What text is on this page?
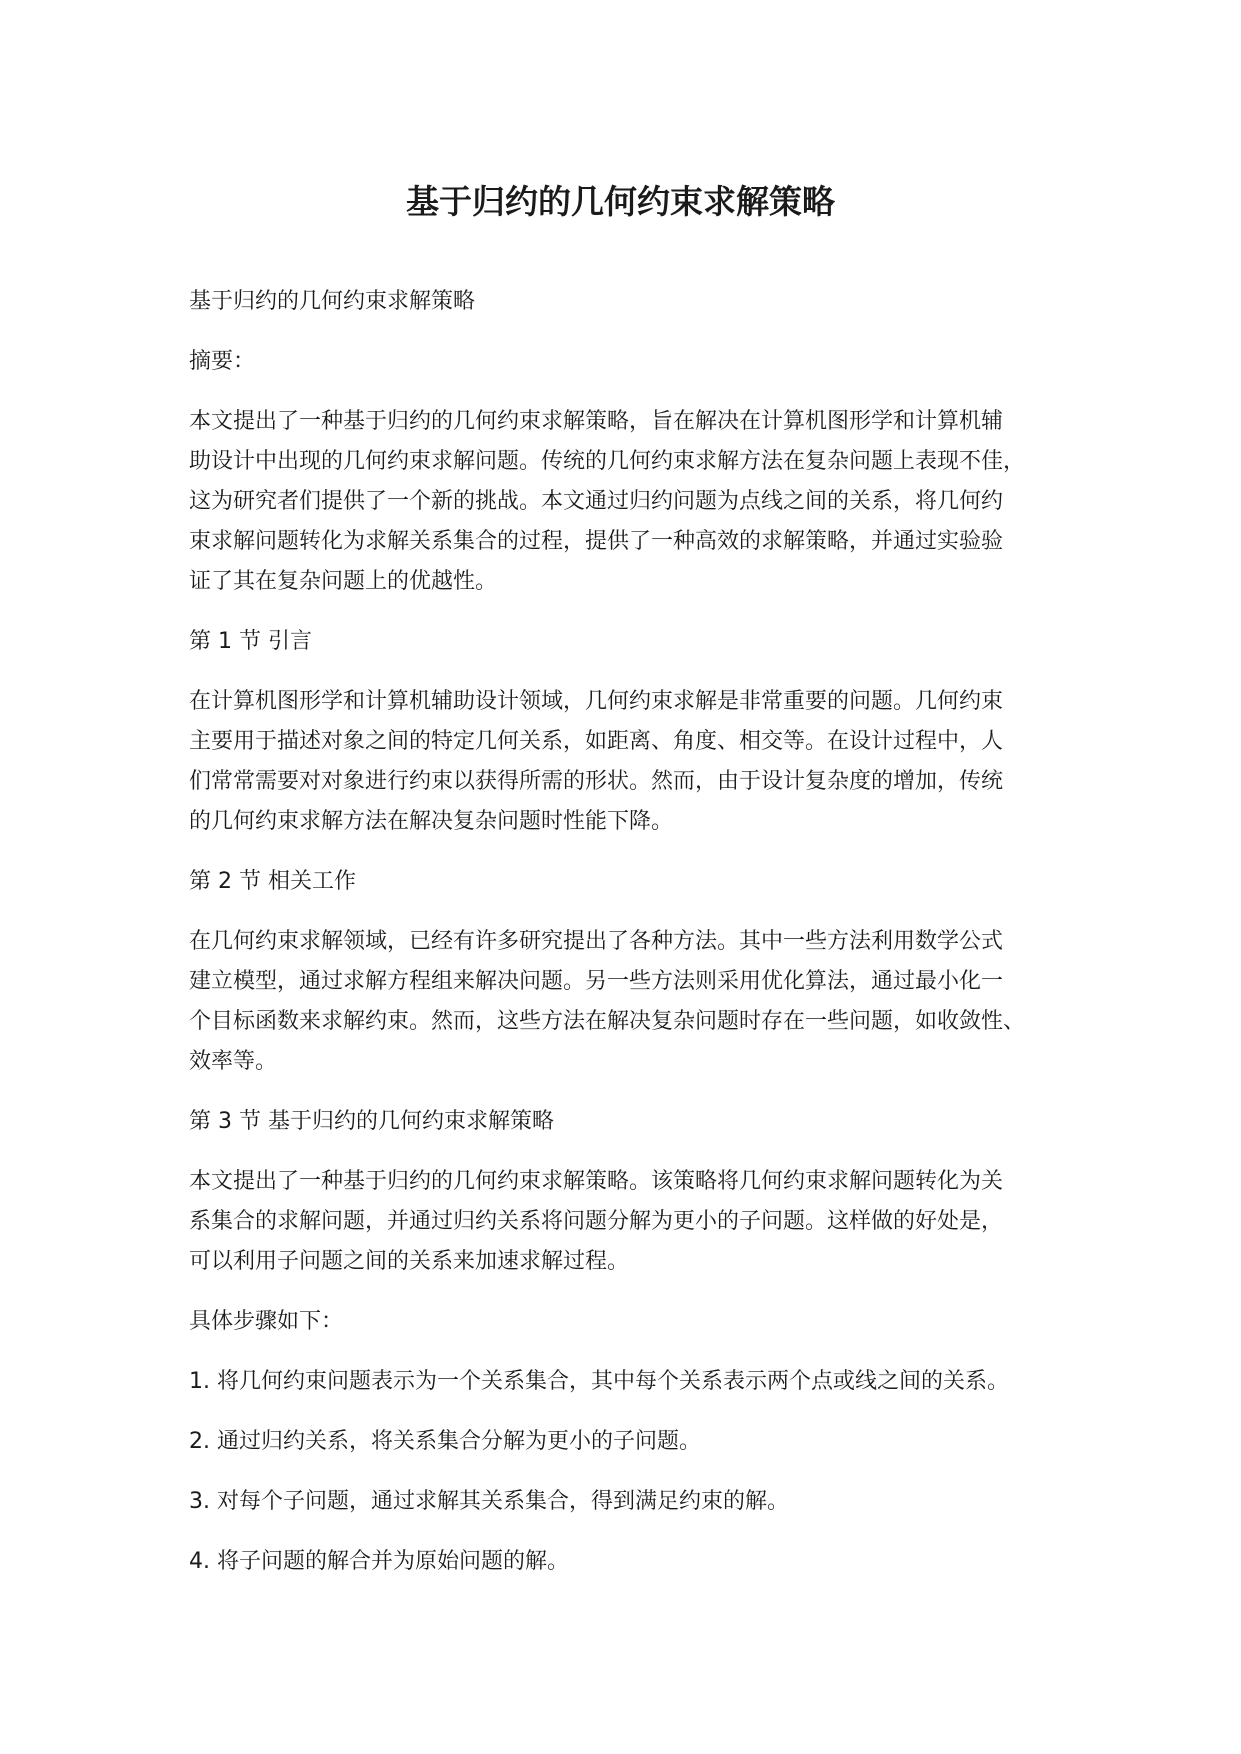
基于归约的几何约束求解策略
基于归约的几何约束求解策略
摘要：
本文提出了一种基于归约的几何约束求解策略，旨在解决在计算机图形学和计算机辅
助设计中出现的几何约束求解问题。传统的几何约束求解方法在复杂问题上表现不佳，
这为研究者们提供了一个新的挑战。本文通过归约问题为点线之间的关系，将几何约
束求解问题转化为求解关系集合的过程，提供了一种高效的求解策略，并通过实验验
证了其在复杂问题上的优越性。
第 1 节 引言
在计算机图形学和计算机辅助设计领域，几何约束求解是非常重要的问题。几何约束
主要用于描述对象之间的特定几何关系，如距离、角度、相交等。在设计过程中，人
们常常需要对对象进行约束以获得所需的形状。然而，由于设计复杂度的增加，传统
的几何约束求解方法在解决复杂问题时性能下降。
第 2 节 相关工作
在几何约束求解领域，已经有许多研究提出了各种方法。其中一些方法利用数学公式
建立模型，通过求解方程组来解决问题。另一些方法则采用优化算法，通过最小化一
个目标函数来求解约束。然而，这些方法在解决复杂问题时存在一些问题，如收敛性、
效率等。
第 3 节 基于归约的几何约束求解策略
本文提出了一种基于归约的几何约束求解策略。该策略将几何约束求解问题转化为关
系集合的求解问题，并通过归约关系将问题分解为更小的子问题。这样做的好处是，
可以利用子问题之间的关系来加速求解过程。
具体步骤如下：
1. 将几何约束问题表示为一个关系集合，其中每个关系表示两个点或线之间的关系。
2. 通过归约关系，将关系集合分解为更小的子问题。
3. 对每个子问题，通过求解其关系集合，得到满足约束的解。
4. 将子问题的解合并为原始问题的解。
